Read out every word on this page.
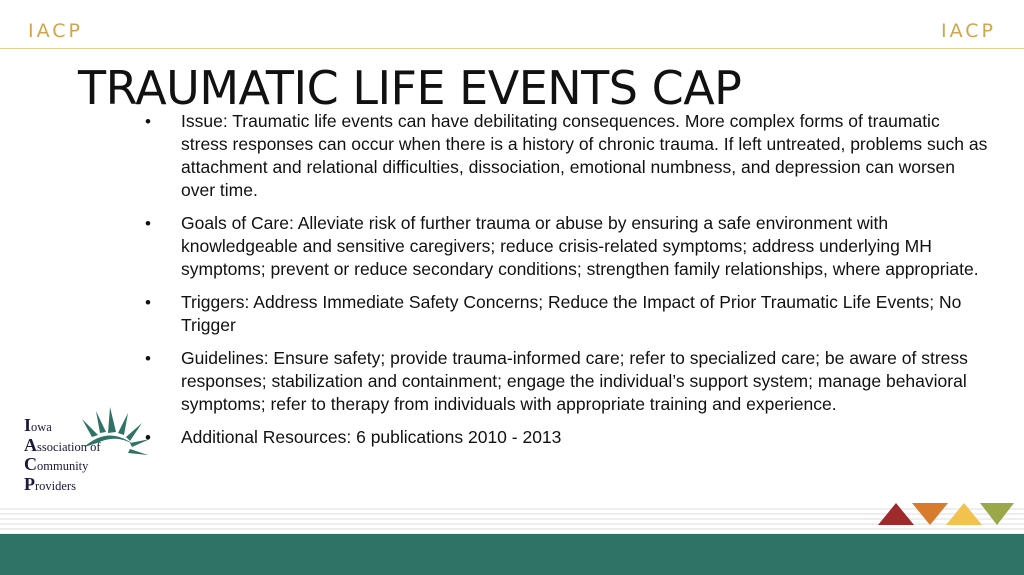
IACP	IACP
TRAUMATIC LIFE EVENTS CAP
• Issue: Traumatic life events can have debilitating consequences. More complex forms of traumatic stress responses can occur when there is a history of chronic trauma. If left untreated, problems such as attachment and relational difficulties, dissociation, emotional numbness, and depression can worsen over time.
• Goals of Care: Alleviate risk of further trauma or abuse by ensuring a safe environment with knowledgeable and sensitive caregivers; reduce crisis-related symptoms; address underlying MH symptoms; prevent or reduce secondary conditions; strengthen family relationships, where appropriate.
• Triggers: Address Immediate Safety Concerns; Reduce the Impact of Prior Traumatic Life Events; No Trigger
• Guidelines: Ensure safety; provide trauma-informed care; refer to specialized care; be aware of stress responses; stabilization and containment; engage the individual’s support system; manage behavioral symptoms; refer to therapy from individuals with appropriate training and experience.
• Additional Resources: 6 publications 2010 - 2013
Iowa
Association of
Community
Providers
